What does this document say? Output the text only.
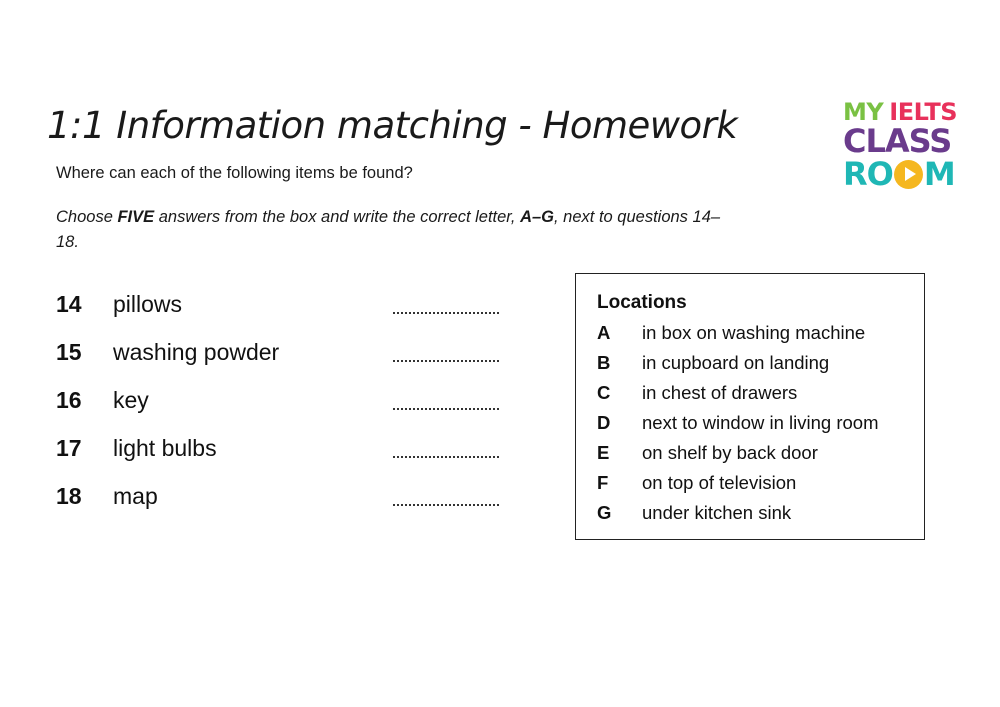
1:1 Information matching - Homework

Where can each of the following items be found?

Choose FIVE answers from the box and write the correct letter, A–G, next to questions 14–18.

MY IELTS
CLASS
RO M
14	pillows
15	washing powder
16	key
17	light bulbs
18	map
Locations
A	in box on washing machine
B	in cupboard on landing
C	in chest of drawers
D	next to window in living room
E	on shelf by back door
F	on top of television
G	under kitchen sink
